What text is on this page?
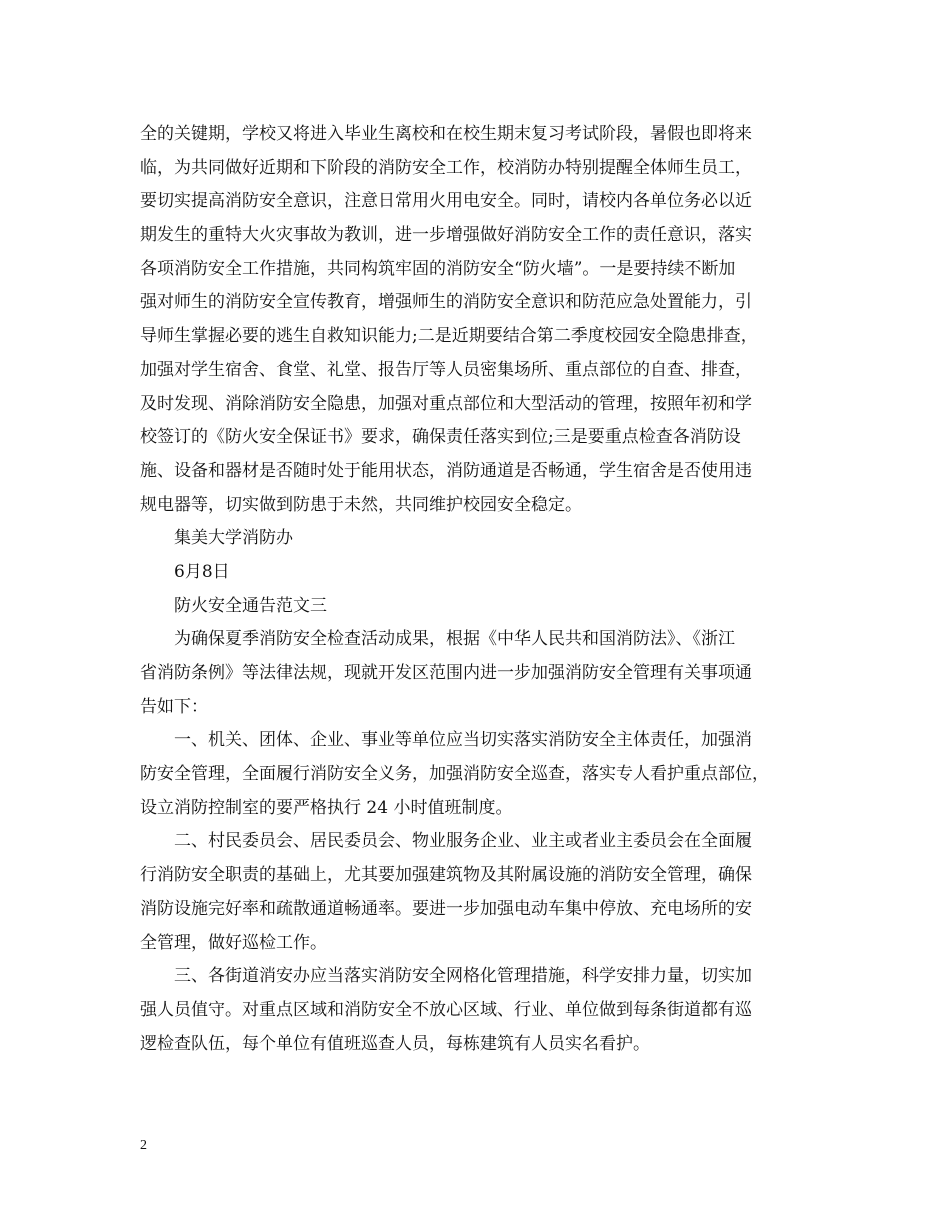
全的关键期，学校又将进入毕业生离校和在校生期末复习考试阶段，暑假也即将来
临，为共同做好近期和下阶段的消防安全工作，校消防办特别提醒全体师生员工，
要切实提高消防安全意识，注意日常用火用电安全。同时，请校内各单位务必以近
期发生的重特大火灾事故为教训，进一步增强做好消防安全工作的责任意识，落实
各项消防安全工作措施，共同构筑牢固的消防安全“防火墙”。一是要持续不断加
强对师生的消防安全宣传教育，增强师生的消防安全意识和防范应急处置能力，引
导师生掌握必要的逃生自救知识能力;二是近期要结合第二季度校园安全隐患排查，
加强对学生宿舍、食堂、礼堂、报告厅等人员密集场所、重点部位的自查、排查，
及时发现、消除消防安全隐患，加强对重点部位和大型活动的管理，按照年初和学
校签订的《防火安全保证书》要求，确保责任落实到位;三是要重点检查各消防设
施、设备和器材是否随时处于能用状态，消防通道是否畅通，学生宿舍是否使用违
规电器等，切实做到防患于未然，共同维护校园安全稳定。
集美大学消防办
6月8日
防火安全通告范文三
为确保夏季消防安全检查活动成果，根据《中华人民共和国消防法》、《浙江
省消防条例》等法律法规，现就开发区范围内进一步加强消防安全管理有关事项通
告如下：
一、机关、团体、企业、事业等单位应当切实落实消防安全主体责任，加强消
防安全管理，全面履行消防安全义务，加强消防安全巡查，落实专人看护重点部位，
设立消防控制室的要严格执行 24 小时值班制度。
二、村民委员会、居民委员会、物业服务企业、业主或者业主委员会在全面履
行消防安全职责的基础上，尤其要加强建筑物及其附属设施的消防安全管理，确保
消防设施完好率和疏散通道畅通率。要进一步加强电动车集中停放、充电场所的安
全管理，做好巡检工作。
三、各街道消安办应当落实消防安全网格化管理措施，科学安排力量，切实加
强人员值守。对重点区域和消防安全不放心区域、行业、单位做到每条街道都有巡
逻检查队伍，每个单位有值班巡查人员，每栋建筑有人员实名看护。
2
